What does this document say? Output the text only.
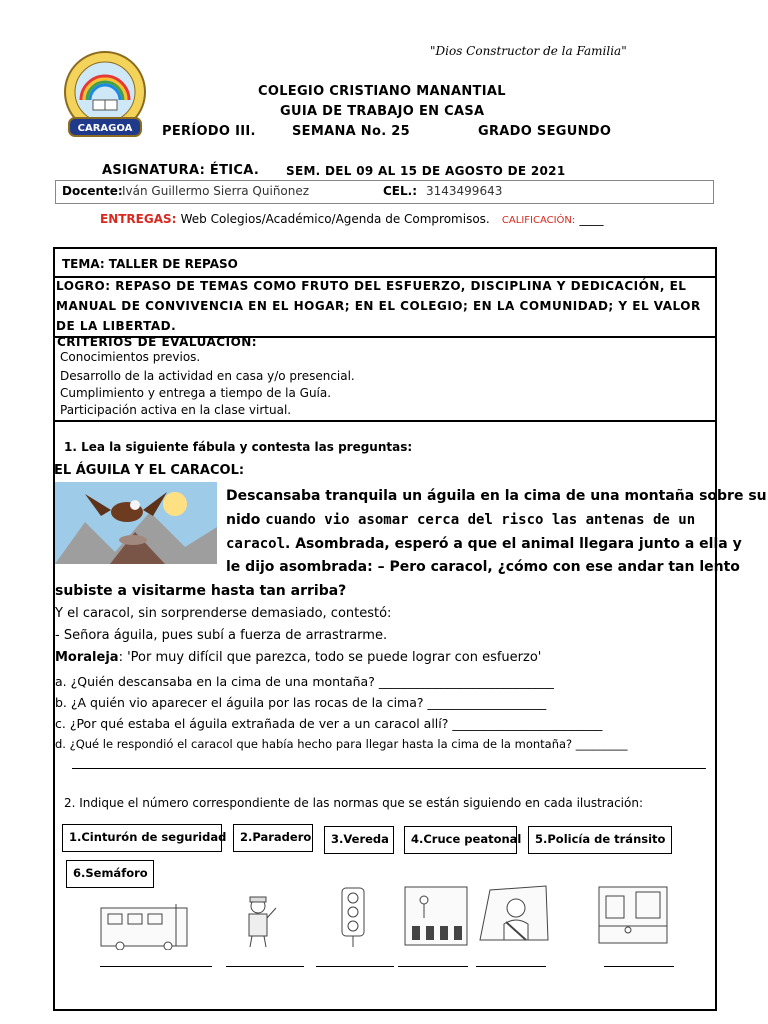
"Dios Constructor de la Familia"
CARAGOA
COLEGIO CRISTIANO MANANTIAL
GUIA DE TRABAJO EN CASA
PERÍODO III.	SEMANA No. 25	GRADO SEGUNDO
ASIGNATURA: ÉTICA. SEM. DEL 09 AL 15 DE AGOSTO DE 2021
Docente: Iván Guillermo Sierra Quiñonez	CEL.: 3143499643
ENTREGAS: Web Colegios/Académico/Agenda de Compromisos. CALIFICACIÓN: ____
TEMA: TALLER DE REPASO
LOGRO: REPASO DE TEMAS COMO FRUTO DEL ESFUERZO, DISCIPLINA Y DEDICACIÓN, EL MANUAL DE CONVIVENCIA EN EL HOGAR; EN EL COLEGIO; EN LA COMUNIDAD; Y EL VALOR DE LA LIBERTAD.
CRITERIOS DE EVALUACION:
Conocimientos previos.
Desarrollo de la actividad en casa y/o presencial.
Cumplimiento y entrega a tiempo de la Guía.
Participación activa en la clase virtual.
1. Lea la siguiente fábula y contesta las preguntas:
EL ÁGUILA Y EL CARACOL:
Descansaba tranquila un águila en la cima de una montaña sobre su
nido cuando vio asomar cerca del risco las antenas de un
caracol. Asombrada, esperó a que el animal llegara junto a ella y
le dijo asombrada: – Pero caracol, ¿cómo con ese andar tan lento
subiste a visitarme hasta tan arriba?
Y el caracol, sin sorprenderse demasiado, contestó:
- Señora águila, pues subí a fuerza de arrastrarme.
Moraleja: 'Por muy difícil que parezca, todo se puede lograr con esfuerzo'
a. ¿Quién descansaba en la cima de una montaña? ____________________________
b. ¿A quién vio aparecer el águila por las rocas de la cima? ___________________
c. ¿Por qué estaba el águila extrañada de ver a un caracol allí? ________________________
d. ¿Qué le respondió el caracol que había hecho para llegar hasta la cima de la montaña? _________
2. Indique el número correspondiente de las normas que se están siguiendo en cada ilustración:
1.Cinturón de seguridad	2.Paradero	3.Vereda	4.Cruce peatonal	5.Policía de tránsito
6.Semáforo
